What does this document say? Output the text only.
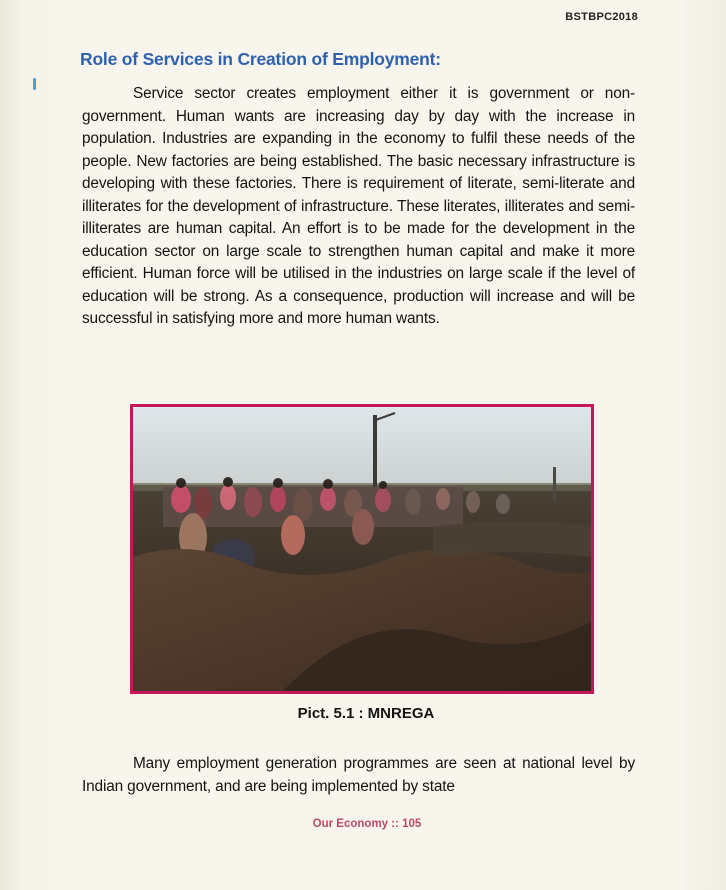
BSTBPC2018
Role of Services in Creation of Employment:

Service sector creates employment either it is government or non-government. Human wants are increasing day by day with the increase in population. Industries are expanding in the economy to fulfil these needs of the people. New factories are being established. The basic necessary infrastructure is developing with these factories. There is requirement of literate, semi-literate and illiterates for the development of infrastructure. These literates, illiterates and semi-illiterates are human capital. An effort is to be made for the development in the education sector on large scale to strengthen human capital and make it more efficient. Human force will be utilised in the industries on large scale if the level of education will be strong. As a consequence, production will increase and will be successful in satisfying more and more human wants.

Pict. 5.1 : MNREGA

Many employment generation programmes are seen at national level by Indian government, and are being implemented by state

Our Economy :: 105
